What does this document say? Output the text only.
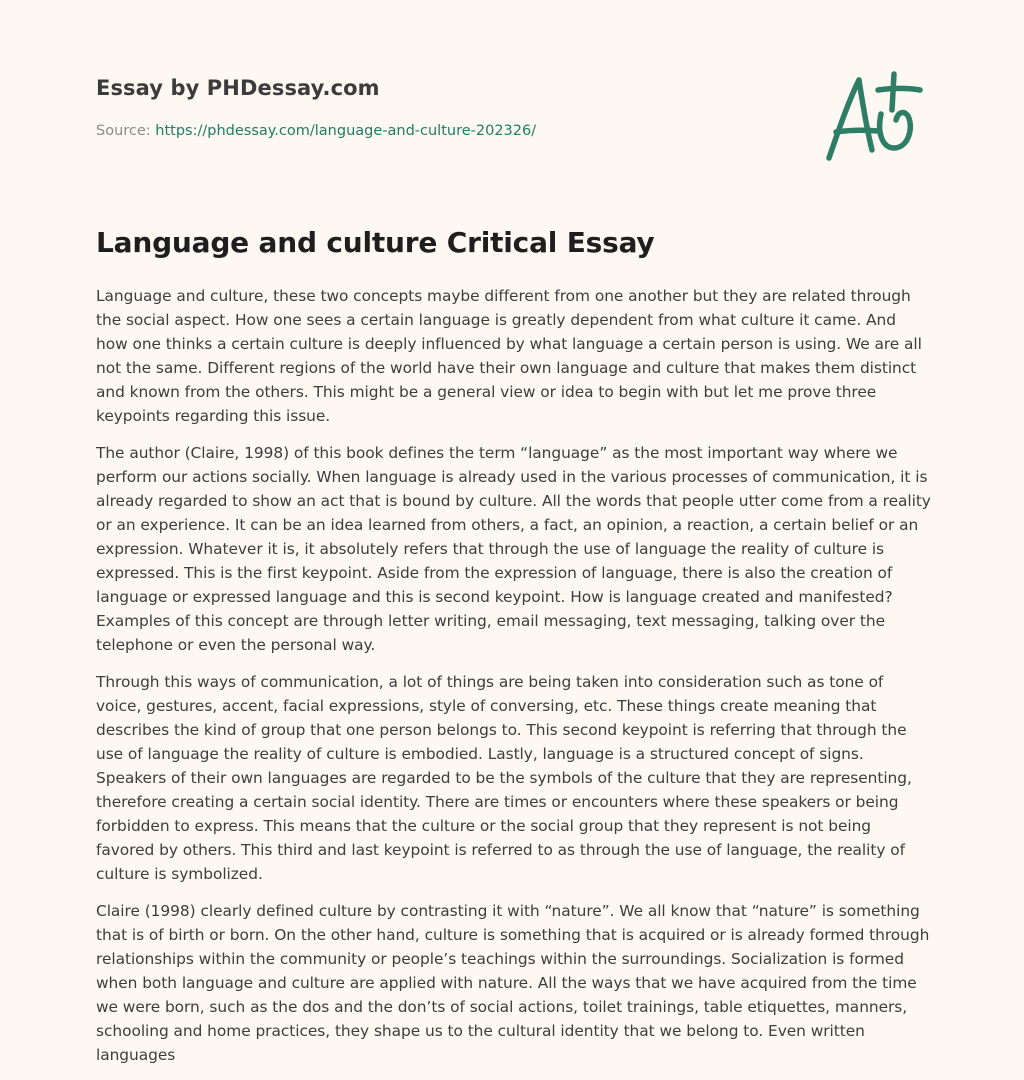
Essay by PHDessay.com
Source: https://phdessay.com/language-and-culture-202326/
Language and culture Critical Essay

Language and culture, these two concepts maybe different from one another but they are related through the social aspect. How one sees a certain language is greatly dependent from what culture it came. And how one thinks a certain culture is deeply influenced by what language a certain person is using. We are all not the same. Different regions of the world have their own language and culture that makes them distinct and known from the others. This might be a general view or idea to begin with but let me prove three keypoints regarding this issue.

The author (Claire, 1998) of this book defines the term “language” as the most important way where we perform our actions socially. When language is already used in the various processes of communication, it is already regarded to show an act that is bound by culture. All the words that people utter come from a reality or an experience. It can be an idea learned from others, a fact, an opinion, a reaction, a certain belief or an expression. Whatever it is, it absolutely refers that through the use of language the reality of culture is expressed. This is the first keypoint. Aside from the expression of language, there is also the creation of language or expressed language and this is second keypoint. How is language created and manifested? Examples of this concept are through letter writing, email messaging, text messaging, talking over the telephone or even the personal way.

Through this ways of communication, a lot of things are being taken into consideration such as tone of voice, gestures, accent, facial expressions, style of conversing, etc. These things create meaning that describes the kind of group that one person belongs to. This second keypoint is referring that through the use of language the reality of culture is embodied. Lastly, language is a structured concept of signs. Speakers of their own languages are regarded to be the symbols of the culture that they are representing, therefore creating a certain social identity. There are times or encounters where these speakers or being forbidden to express. This means that the culture or the social group that they represent is not being favored by others. This third and last keypoint is referred to as through the use of language, the reality of culture is symbolized.

Claire (1998) clearly defined culture by contrasting it with “nature”. We all know that “nature” is something that is of birth or born. On the other hand, culture is something that is acquired or is already formed through relationships within the community or people’s teachings within the surroundings. Socialization is formed when both language and culture are applied with nature. All the ways that we have acquired from the time we were born, such as the dos and the don’ts of social actions, toilet trainings, table etiquettes, manners, schooling and home practices, they shape us to the cultural identity that we belong to. Even written languages
